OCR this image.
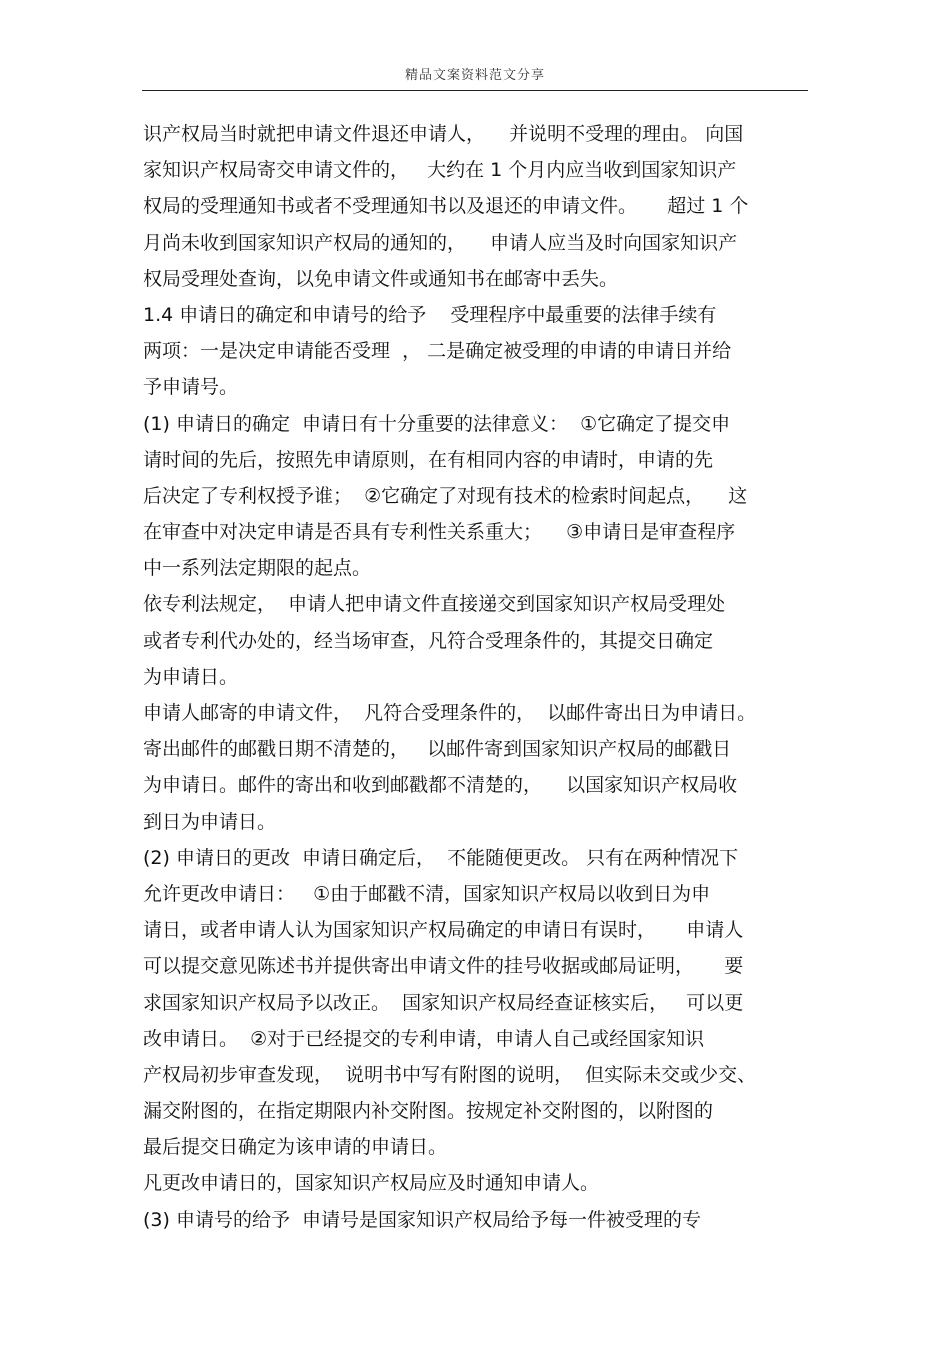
精品文案资料范文分享
识产权局当时就把申请文件退还申请人，    并说明不受理的理由。 向国
家知识产权局寄交申请文件的，   大约在 1 个月内应当收到国家知识产
权局的受理通知书或者不受理通知书以及退还的申请文件。     超过 1 个
月尚未收到国家知识产权局的通知的，    申请人应当及时向国家知识产
权局受理处查询，以免申请文件或通知书在邮寄中丢失。
1.4 申请日的确定和申请号的给予    受理程序中最重要的法律手续有
两项：一是决定申请能否受理  ， 二是确定被受理的申请的申请日并给
予申请号。
(1) 申请日的确定  申请日有十分重要的法律意义：  ①它确定了提交申
请时间的先后，按照先申请原则，在有相同内容的申请时，申请的先
后决定了专利权授予谁；  ②它确定了对现有技术的检索时间起点，    这
在审查中对决定申请是否具有专利性关系重大；    ③申请日是审查程序
中一系列法定期限的起点。
依专利法规定，  申请人把申请文件直接递交到国家知识产权局受理处
或者专利代办处的，经当场审查，凡符合受理条件的，其提交日确定
为申请日。
申请人邮寄的申请文件，  凡符合受理条件的，  以邮件寄出日为申请日。
寄出邮件的邮戳日期不清楚的，   以邮件寄到国家知识产权局的邮戳日
为申请日。邮件的寄出和收到邮戳都不清楚的，    以国家知识产权局收
到日为申请日。
(2) 申请日的更改  申请日确定后，  不能随便更改。 只有在两种情况下
允许更改申请日：   ①由于邮戳不清，国家知识产权局以收到日为申
请日，或者申请人认为国家知识产权局确定的申请日有误时，     申请人
可以提交意见陈述书并提供寄出申请文件的挂号收据或邮局证明，     要
求国家知识产权局予以改正。  国家知识产权局经查证核实后，   可以更
改申请日。  ②对于已经提交的专利申请，申请人自己或经国家知识
产权局初步审查发现，  说明书中写有附图的说明，  但实际未交或少交、
漏交附图的，在指定期限内补交附图。按规定补交附图的，以附图的
最后提交日确定为该申请的申请日。
凡更改申请日的，国家知识产权局应及时通知申请人。
(3) 申请号的给予  申请号是国家知识产权局给予每一件被受理的专
